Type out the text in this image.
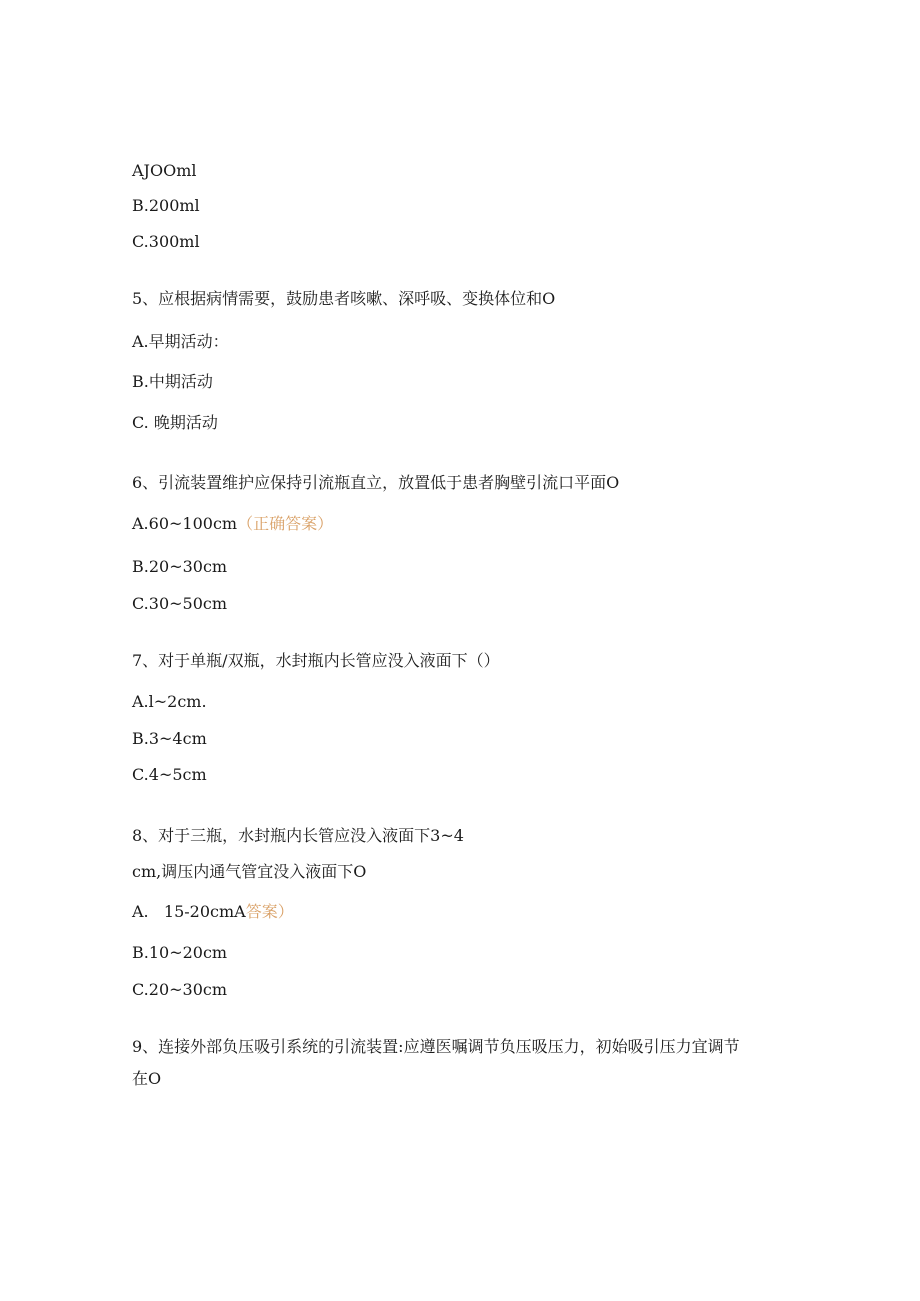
AJOOml
B.200ml
C.300ml
5、应根据病情需要，鼓励患者咳嗽、深呼吸、变换体位和O
A.早期活动：
B.中期活动
C. 晚期活动
6、引流装置维护应保持引流瓶直立，放置低于患者胸壁引流口平面O
A.60~100cm（正确答案）
B.20~30cm
C.30~50cm
7、对于单瓶/双瓶，水封瓶内长管应没入液面下（）
A.l~2cm.
B.3~4cm
C.4~5cm
8、对于三瓶，水封瓶内长管应没入液面下3~4
cm,调压内通气管宜没入液面下O
A.   15-20cmA答案）
B.10~20cm
C.20~30cm
9、连接外部负压吸引系统的引流装置:应遵医嘱调节负压吸压力，初始吸引压力宜调节
在O
